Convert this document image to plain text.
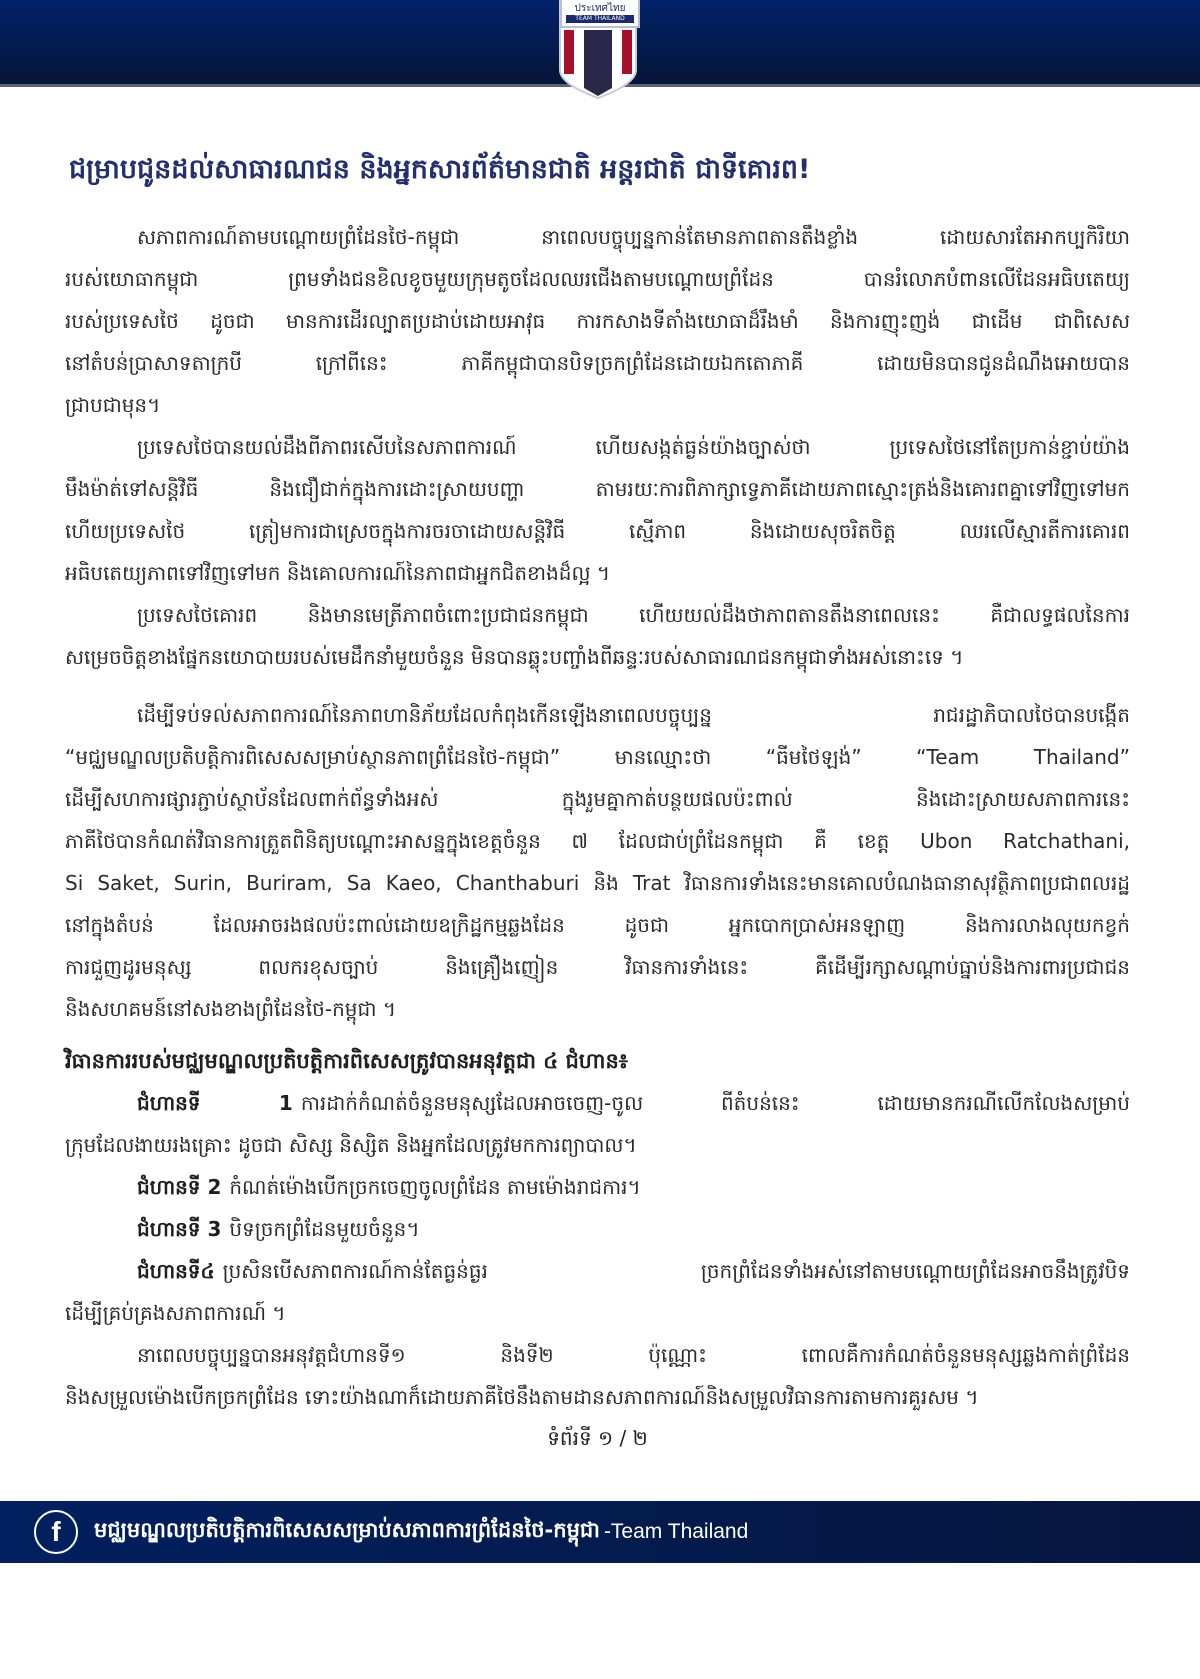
ประเทศไทย
TEAM THAILAND
ជម្រាបជូនដល់សាធារណជន និងអ្នកសារព័ត៌មានជាតិ អន្តរជាតិ ជាទីគោរព!
សភាពការណ៍តាមបណ្តោយព្រំដែនថៃ-កម្ពុជា នាពេលបច្ចុប្បន្នកាន់តែមានភាពតានតឹងខ្លាំង ដោយសារតែអាកប្បកិរិយា
របស់យោធាកម្ពុជា ព្រមទាំងជនខិលខូចមួយក្រុមតូចដែលឈរជើងតាមបណ្តោយព្រំដែន បានរំលោភបំពានលើដែនអធិបតេយ្យ
របស់ប្រទេសថៃ ដូចជា មានការដើរល្បាតប្រដាប់ដោយអាវុធ ការកសាងទីតាំងយោធាដ៏រឹងមាំ និងការញុះញង់ ជាដើម ជាពិសេស
នៅតំបន់ប្រាសាទតាក្របី ក្រៅពីនេះ ភាគីកម្ពុជាបានបិទច្រកព្រំដែនដោយឯកតោភាគី ដោយមិនបានជូនដំណឹងអោយបាន
ជ្រាបជាមុន។
ប្រទេសថៃបានយល់ដឹងពីភាពរសើបនៃសភាពការណ៍ ហើយសង្កត់ធ្ងន់យ៉ាងច្បាស់ថា ប្រទេសថៃនៅតែប្រកាន់ខ្ជាប់យ៉ាង
មឹងម៉ាត់ទៅសន្តិវិធី និងជឿជាក់ក្នុងការដោះស្រាយបញ្ហា តាមរយៈការពិភាក្សាទ្វេភាគីដោយភាពស្មោះត្រង់និងគោរពគ្នាទៅវិញទៅមក
ហើយប្រទេសថៃ ត្រៀមការជាស្រេចក្នុងការចរចាដោយសន្តិវិធី ស្មើភាព និងដោយសុចរិតចិត្ត ឈរលើស្មារតីការគោរព
អធិបតេយ្យភាពទៅវិញទៅមក និងគោលការណ៍នៃភាពជាអ្នកជិតខាងដ៏ល្អ ។
ប្រទេសថៃគោរព និងមានមេត្រីភាពចំពោះប្រជាជនកម្ពុជា ហើយយល់ដឹងថាភាពតានតឹងនាពេលនេះ គឺជាលទ្ធផលនៃការ
សម្រេចចិត្តខាងផ្នែកនយោបាយរបស់មេដឹកនាំមួយចំនួន មិនបានឆ្លុះបញ្ចាំងពីឆន្ទៈរបស់សាធារណជនកម្ពុជាទាំងអស់នោះទេ ។
ដើម្បីទប់ទល់សភាពការណ៍នៃភាពហានិភ័យដែលកំពុងកើនឡើងនាពេលបច្ចុប្បន្ន រាជរដ្ឋាភិបាលថៃបានបង្កើត
“មជ្ឈមណ្ឌលប្រតិបត្តិការពិសេសសម្រាប់ស្ថានភាពព្រំដែនថៃ-កម្ពុជា” មានឈ្មោះថា “ធីមថៃឡង់” “Team Thailand”
ដើម្បីសហការផ្សារភ្ជាប់ស្ថាប័នដែលពាក់ព័ន្ធទាំងអស់ ក្នុងរួមគ្នាកាត់បន្ថយផលប៉ះពាល់ និងដោះស្រាយសភាពការនេះ
ភាគីថៃបានកំណត់វិធានការត្រួតពិនិត្យបណ្តោះអាសន្នក្នុងខេត្តចំនួន ៧ ដែលជាប់ព្រំដែនកម្ពុជា គឺ ខេត្ត Ubon Ratchathani,
Si Saket, Surin, Buriram, Sa Kaeo, Chanthaburi និង Trat វិធានការទាំងនេះមានគោលបំណងធានាសុវត្ថិភាពប្រជាពលរដ្ឋ
នៅក្នុងតំបន់ ដែលអាចរងផលប៉ះពាល់ដោយឧក្រិដ្ឋកម្មឆ្លងដែន ដូចជា អ្នកបោកប្រាស់អនឡាញ និងការលាងលុយកខ្វក់
ការជួញដូរមនុស្ស ពលករខុសច្បាប់ និងគ្រឿងញៀន វិធានការទាំងនេះ គឺដើម្បីរក្សាសណ្តាប់ធ្នាប់និងការពារប្រជាជន
និងសហគមន៍នៅសងខាងព្រំដែនថៃ-កម្ពុជា ។
វិធានការរបស់មជ្ឈមណ្ឌលប្រតិបត្តិការពិសេសត្រូវបានអនុវត្តជា ៤ ជំហាន៖
ជំហានទី 1 ការដាក់កំណត់ចំនួនមនុស្សដែលអាចចេញ-ចូល ពីតំបន់នេះ ដោយមានករណីលើកលែងសម្រាប់
ក្រុមដែលងាយរងគ្រោះ ដូចជា សិស្ស និស្សិត និងអ្នកដែលត្រូវមកការព្យាបាល។
ជំហានទី 2 កំណត់ម៉ោងបើកច្រកចេញចូលព្រំដែន តាមម៉ោងរាជការ។
ជំហានទី 3 បិទច្រកព្រំដែនមួយចំនួន។
ជំហានទី៤ ប្រសិនបើសភាពការណ៍កាន់តែធ្ងន់ធ្ងរ ច្រកព្រំដែនទាំងអស់នៅតាមបណ្តោយព្រំដែនអាចនឹងត្រូវបិទ
ដើម្បីគ្រប់គ្រងសភាពការណ៍ ។
នាពេលបច្ចុប្បន្នបានអនុវត្តជំហានទី១ និងទី២ ប៉ុណ្ណោះ ពោលគឺការកំណត់ចំនួនមនុស្សឆ្លងកាត់ព្រំដែន
និងសម្រួលម៉ោងបើកច្រកព្រំដែន ទោះយ៉ាងណាក៏ដោយភាគីថៃនឹងតាមដានសភាពការណ៍និងសម្រួលវិធានការតាមការគួរសម ។
ទំព័រទី ១ / ២
f	មជ្ឈមណ្ឌលប្រតិបត្តិការពិសេសសម្រាប់សភាពការព្រំដែនថៃ-កម្ពុជា -Team Thailand
